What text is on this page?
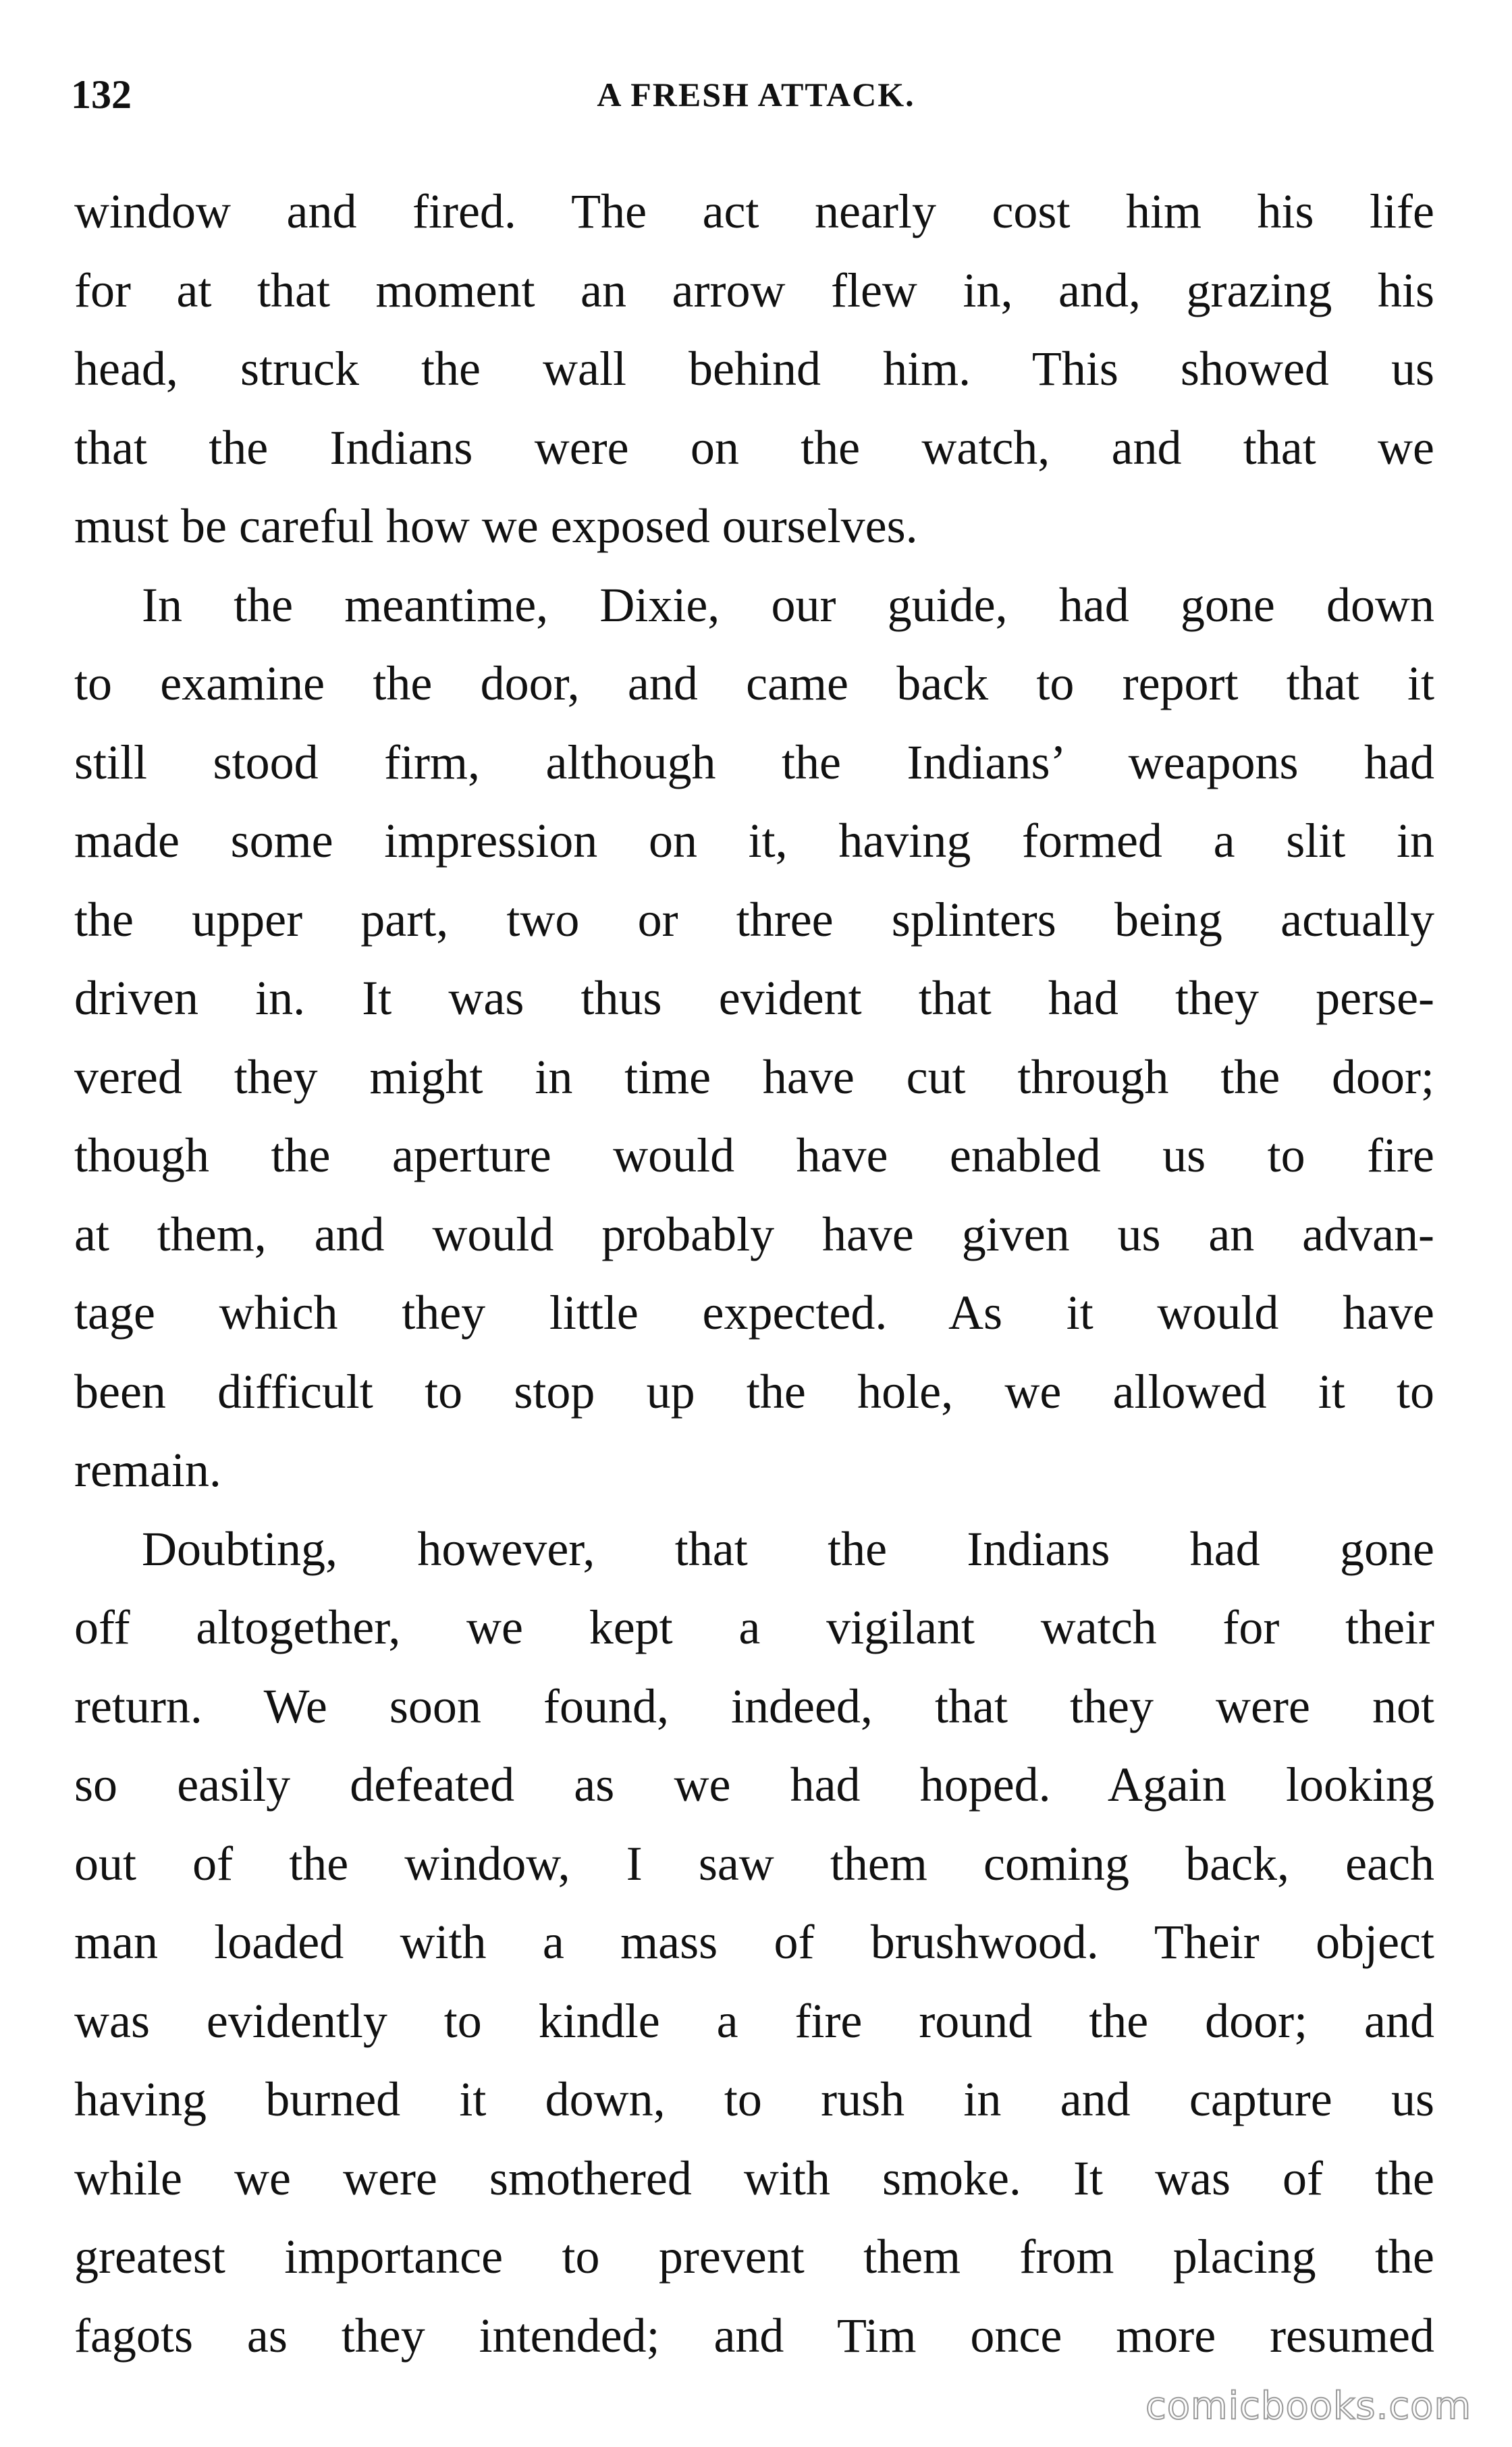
132	A FRESH ATTACK.
window and fired. The act nearly cost him his life
for at that moment an arrow flew in, and, grazing his
head, struck the wall behind him. This showed us
that the Indians were on the watch, and that we
must be careful how we exposed ourselves.
In the meantime, Dixie, our guide, had gone down
to examine the door, and came back to report that it
still stood firm, although the Indians’ weapons had
made some impression on it, having formed a slit in
the upper part, two or three splinters being actually
driven in. It was thus evident that had they perse-
vered they might in time have cut through the door;
though the aperture would have enabled us to fire
at them, and would probably have given us an advan-
tage which they little expected. As it would have
been difficult to stop up the hole, we allowed it to
remain.
Doubting, however, that the Indians had gone
off altogether, we kept a vigilant watch for their
return. We soon found, indeed, that they were not
so easily defeated as we had hoped. Again looking
out of the window, I saw them coming back, each
man loaded with a mass of brushwood. Their object
was evidently to kindle a fire round the door; and
having burned it down, to rush in and capture us
while we were smothered with smoke. It was of the
greatest importance to prevent them from placing the
fagots as they intended; and Tim once more resumed
comicbooks.com
